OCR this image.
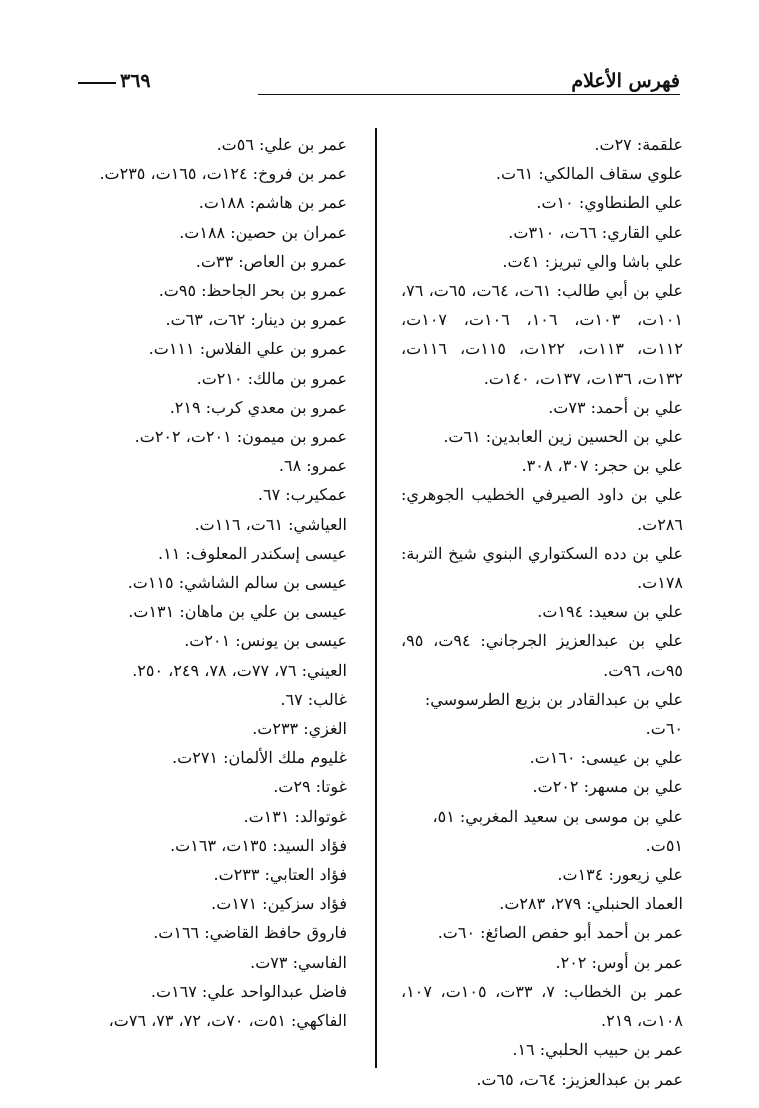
فهرس الأعلام
٣٦٩
علقمة: ٢٧ت.
علوي سقاف المالكي: ٦١ت.
علي الطنطاوي: ١٠ت.
علي القاري: ٦٦ت، ٣١٠ت.
علي باشا والي تبريز: ٤١ت.
علي بن أبي طالب: ٦١ت، ٦٤ت، ٦٥ت، ٧٦، ١٠١ت، ١٠٣ت، ١٠٦، ١٠٦ت، ١٠٧ت، ١١٢ت، ١١٣ت، ١٢٢ت، ١١٥ت، ١١٦ت، ١٣٢ت، ١٣٦ت، ١٣٧ت، ١٤٠ت.
علي بن أحمد: ٧٣ت.
علي بن الحسين زين العابدين: ٦١ت.
علي بن حجر: ٣٠٧، ٣٠٨.
علي بن داود الصيرفي الخطيب الجوهري: ٢٨٦ت.
علي بن دده السكتواري البنوي شيخ التربة: ١٧٨ت.
علي بن سعيد: ١٩٤ت.
علي بن عبدالعزيز الجرجاني: ٩٤ت، ٩٥، ٩٥ت، ٩٦ت.
علي بن عبدالقادر بن بزيع الطرسوسي: ٦٠ت.
علي بن عيسى: ١٦٠ت.
علي بن مسهر: ٢٠٢ت.
علي بن موسى بن سعيد المغربي: ٥١، ٥١ت.
علي زيعور: ١٣٤ت.
العماد الحنبلي: ٢٧٩، ٢٨٣ت.
عمر بن أحمد أبو حفص الصائغ: ٦٠ت.
عمر بن أوس: ٢٠٢.
عمر بن الخطاب: ٧، ٣٣ت، ١٠٥ت، ١٠٧، ١٠٨ت، ٢١٩.
عمر بن حبيب الحلبي: ١٦.
عمر بن عبدالعزيز: ٦٤ت، ٦٥ت.
عمر بن علي: ٥٦ت.
عمر بن فروخ: ١٢٤ت، ١٦٥ت، ٢٣٥ت.
عمر بن هاشم: ١٨٨ت.
عمران بن حصين: ١٨٨ت.
عمرو بن العاص: ٣٣ت.
عمرو بن بحر الجاحظ: ٩٥ت.
عمرو بن دينار: ٦٢ت، ٦٣ت.
عمرو بن علي الفلاس: ١١١ت.
عمرو بن مالك: ٢١٠ت.
عمرو بن معدي كرب: ٢١٩.
عمرو بن ميمون: ٢٠١ت، ٢٠٢ت.
عمرو: ٦٨.
عمكيرب: ٦٧.
العياشي: ٦١ت، ١١٦ت.
عيسى إسكندر المعلوف: ١١.
عيسى بن سالم الشاشي: ١١٥ت.
عيسى بن علي بن ماهان: ١٣١ت.
عيسى بن يونس: ٢٠١ت.
العيني: ٧٦، ٧٧ت، ٧٨، ٢٤٩، ٢٥٠.
غالب: ٦٧.
الغزي: ٢٣٣ت.
غليوم ملك الألمان: ٢٧١ت.
غوتا: ٢٩ت.
غوتوالد: ١٣١ت.
فؤاد السيد: ١٣٥ت، ١٦٣ت.
فؤاد العتابي: ٢٣٣ت.
فؤاد سزكين: ١٧١ت.
فاروق حافظ القاضي: ١٦٦ت.
الفاسي: ٧٣ت.
فاضل عبدالواحد علي: ١٦٧ت.
الفاكهي: ٥١ت، ٧٠ت، ٧٢، ٧٣، ٧٦ت،
